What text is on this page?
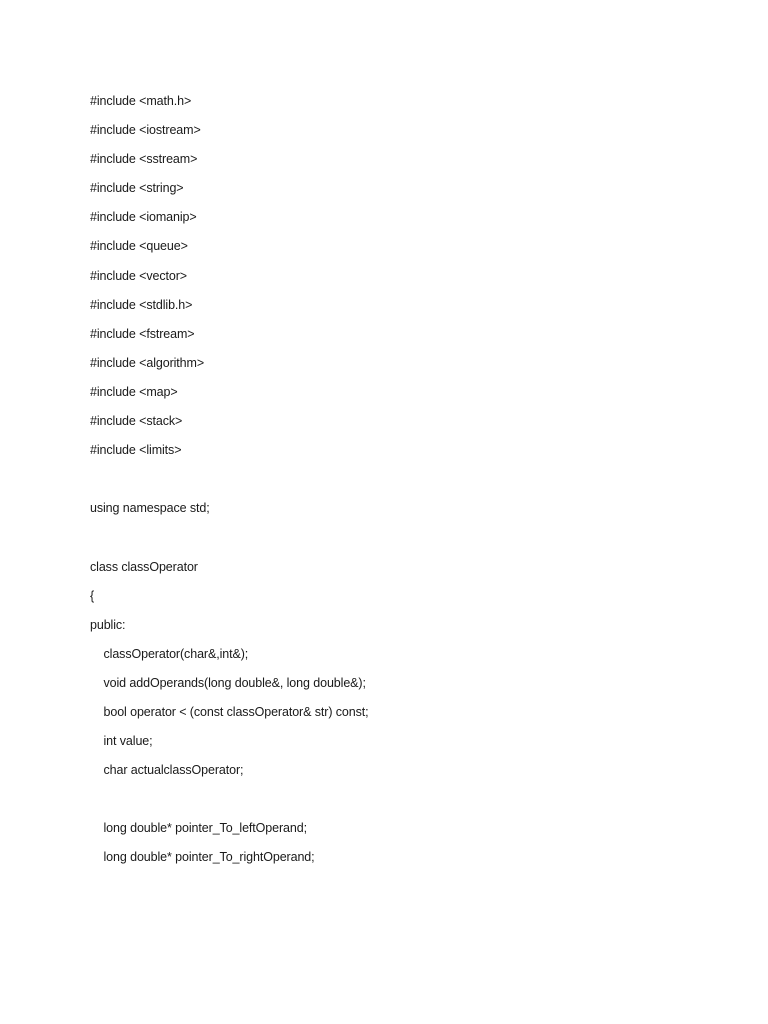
#include <math.h>
#include <iostream>
#include <sstream>
#include <string>
#include <iomanip>
#include <queue>
#include <vector>
#include <stdlib.h>
#include <fstream>
#include <algorithm>
#include <map>
#include <stack>
#include <limits>
using namespace std;
class classOperator
{
public:
classOperator(char&,int&);
void addOperands(long double&, long double&);
bool operator < (const classOperator& str) const;
int value;
char actualclassOperator;
long double* pointer_To_leftOperand;
long double* pointer_To_rightOperand;
